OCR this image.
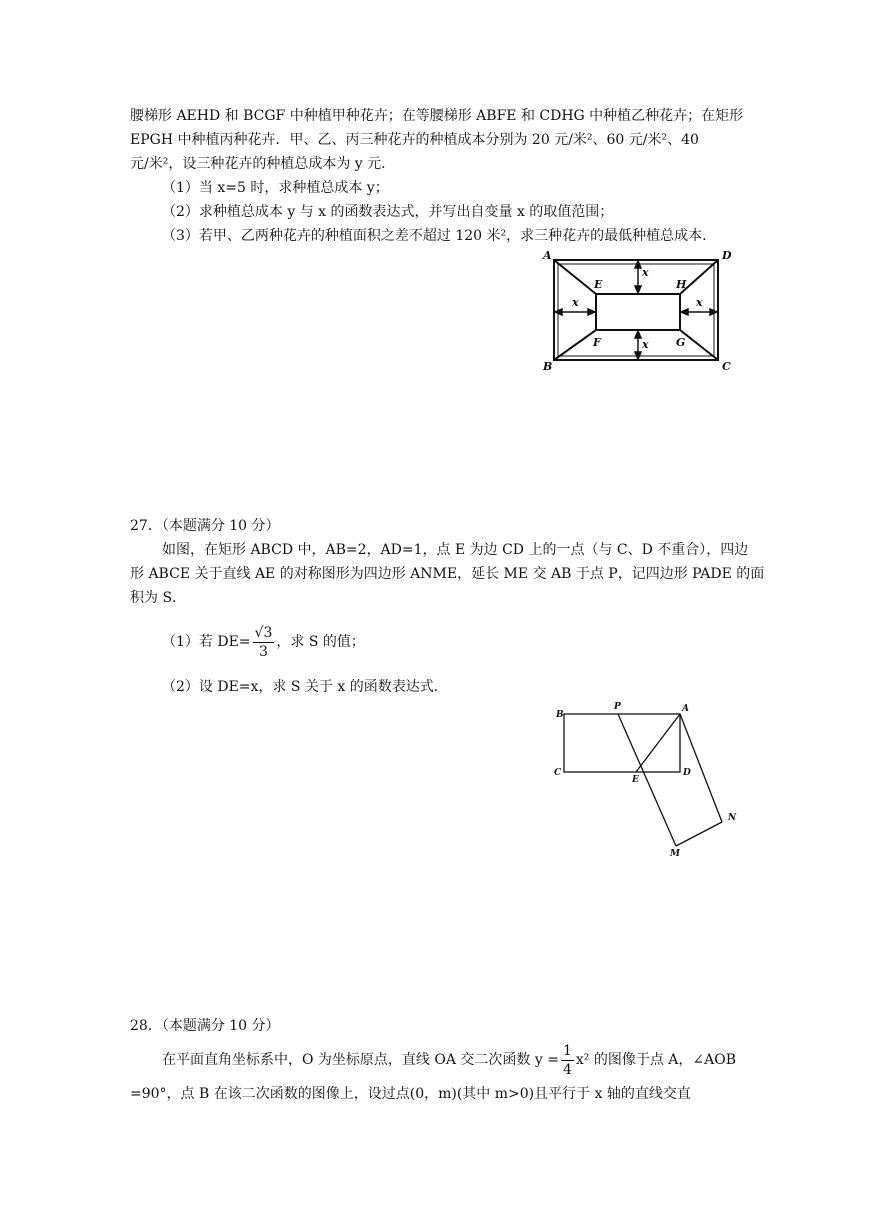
腰梯形 AEHD 和 BCGF 中种植甲种花卉；在等腰梯形 ABFE 和 CDHG 中种植乙种花卉；在矩形
EPGH 中种植丙种花卉．甲、乙、丙三种花卉的种植成本分别为 20 元/米²、60 元/米²、40
元/米²，设三种花卉的种植总成本为 y 元．
（1）当 x=5 时，求种植总成本 y；
（2）求种植总成本 y 与 x 的函数表达式，并写出自变量 x 的取值范围；
（3）若甲、乙两种花卉的种植面积之差不超过 120 米²，求三种花卉的最低种植总成本．
A	D
B	C
E	H
F	G
x
x
x	x
27．（本题满分 10 分）
如图，在矩形 ABCD 中，AB=2，AD=1，点 E 为边 CD 上的一点（与 C、D 不重合），四边
形 ABCE 关于直线 AE 的对称图形为四边形 ANME，延长 ME 交 AB 于点 P，记四边形 PADE 的面
积为 S．
（1）若 $DE= \frac{√3}{3}$ ，求 S 的值；
（2）设 DE=x，求 S 关于 x 的函数表达式．
B
P	A
C
E
D
N
M
28．（本题满分 10 分）
在平面直角坐标系中，O 为坐标原点，直线 OA 交二次函数 $y = \frac{1}{4} x^2$ 的图像于点 A，∠AOB
=90°，点 B 在该二次函数的图像上，设过点(0，m)(其中 m>0)且平行于 x 轴的直线交直
